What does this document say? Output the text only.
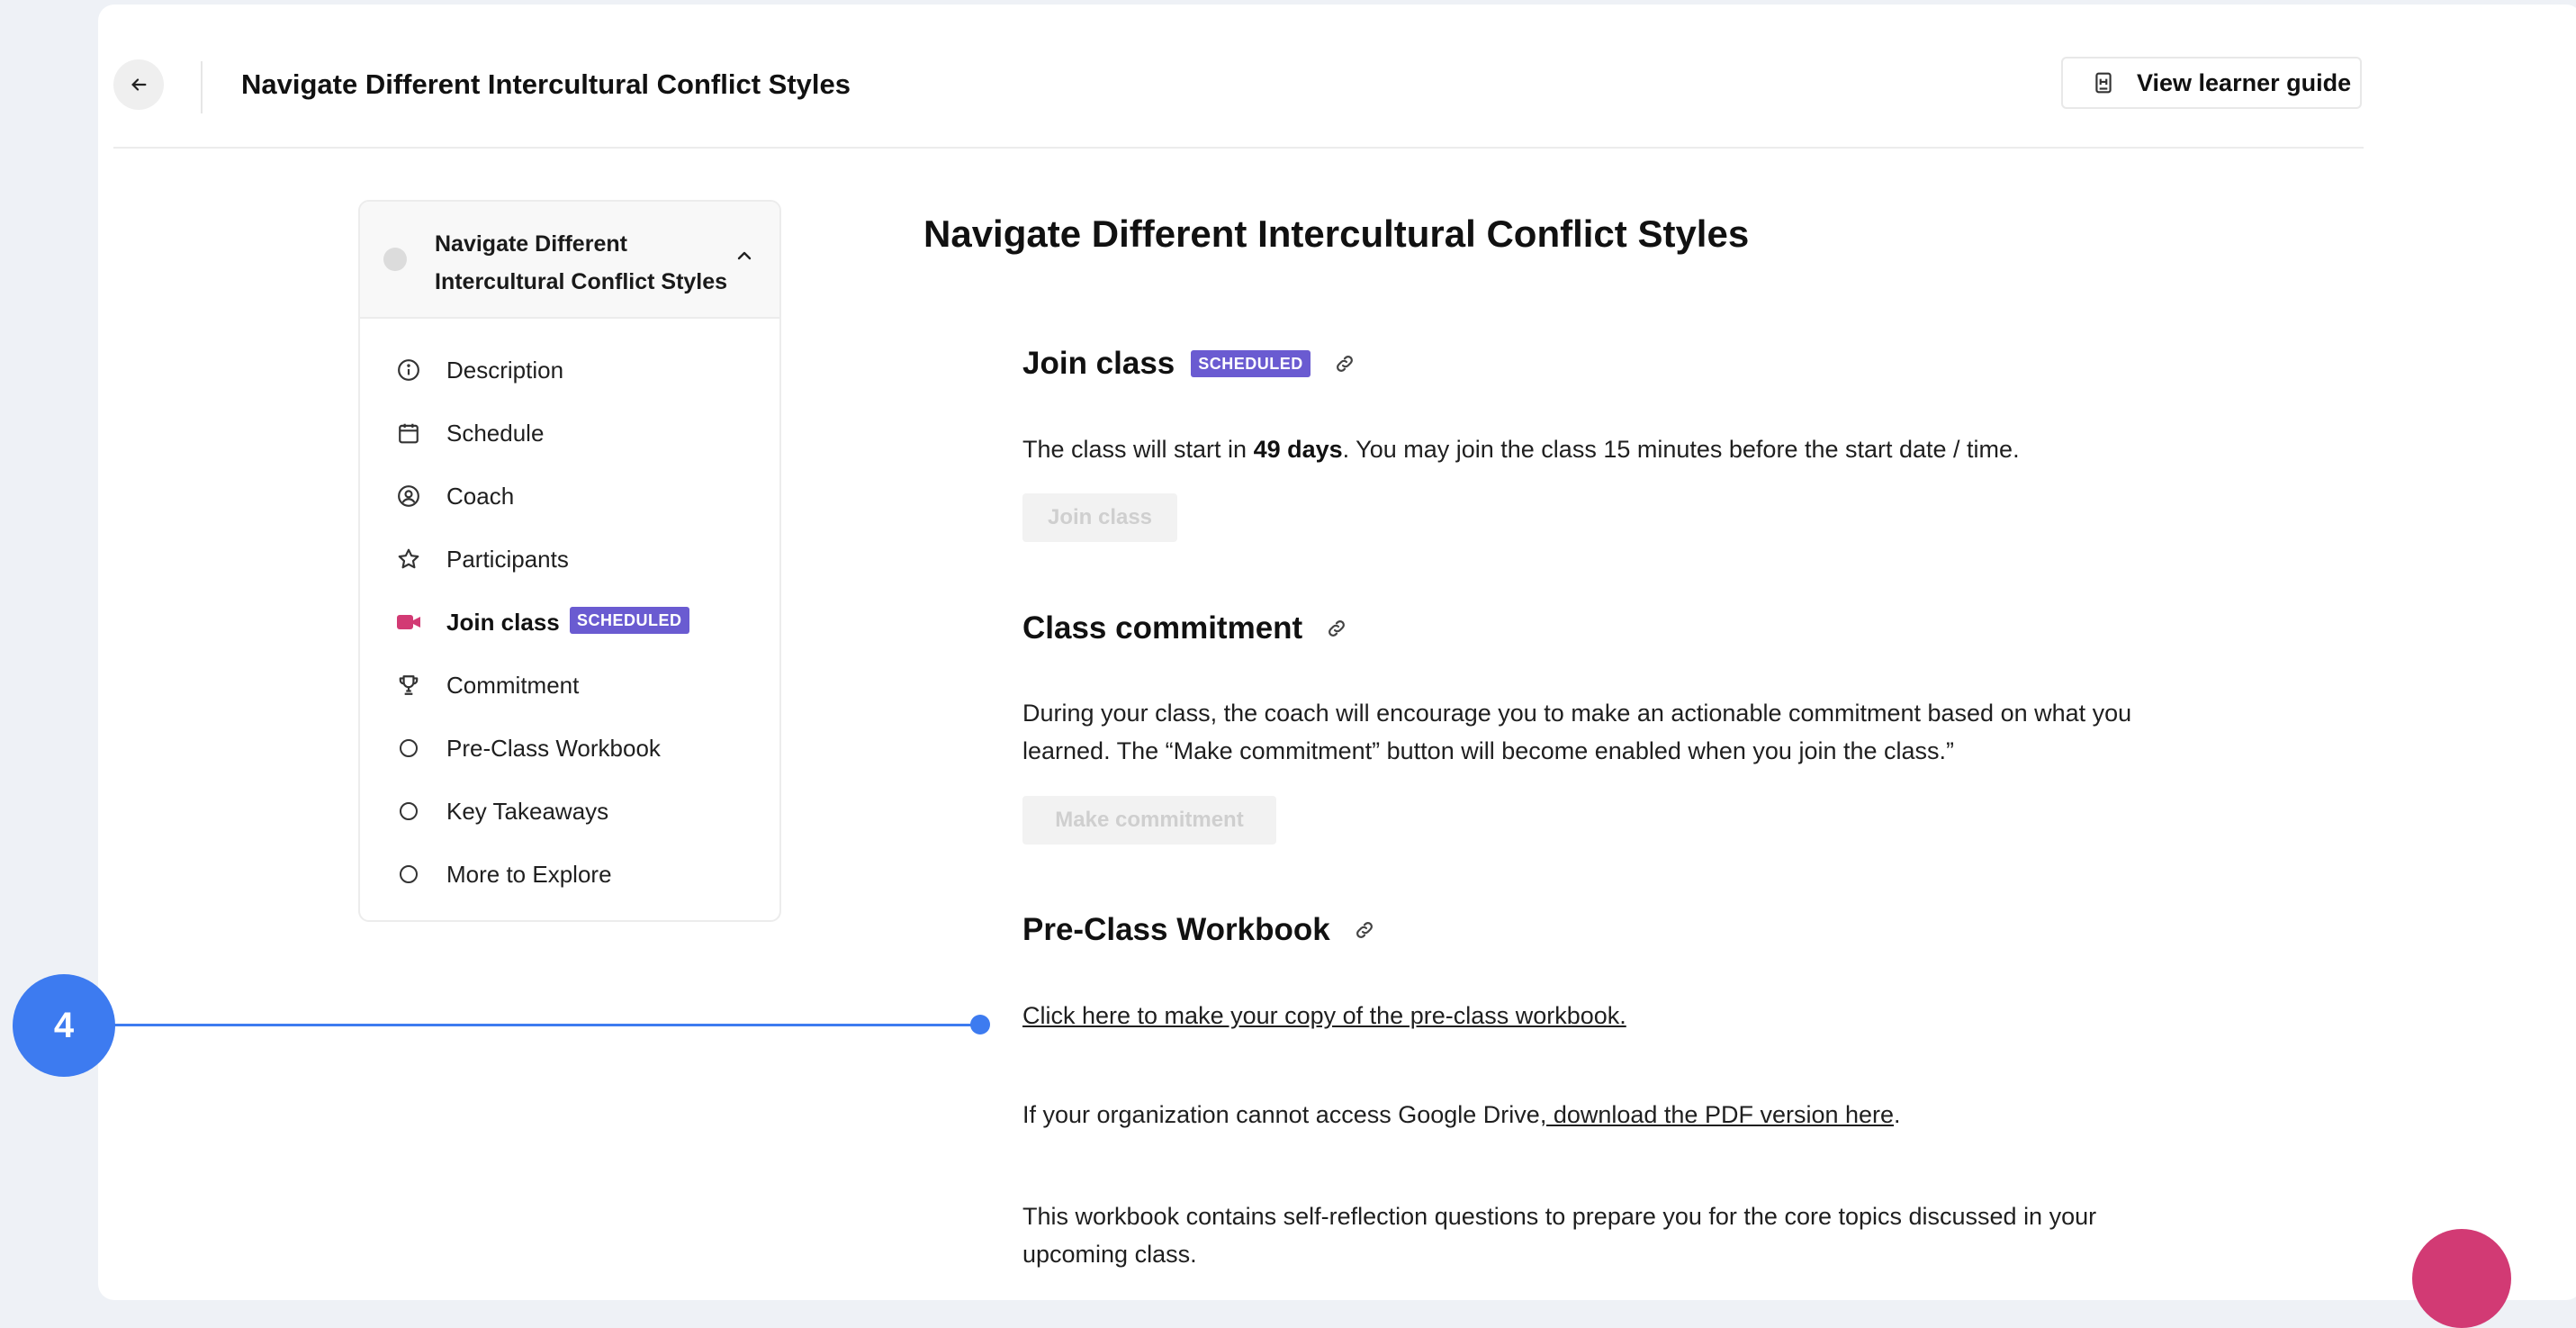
Navigate Different Intercultural Conflict Styles	View learner guide
Navigate Different Intercultural Conflict Styles
Description
Schedule
Coach
Participants
Join class	SCHEDULED
Commitment
Pre-Class Workbook
Key Takeaways
More to Explore
Navigate Different Intercultural Conflict Styles
Join class	SCHEDULED
The class will start in 49 days. You may join the class 15 minutes before the start date / time.
Join class
Class commitment
During your class, the coach will encourage you to make an actionable commitment based on what you learned. The “Make commitment” button will become enabled when you join the class.”
Make commitment
Pre-Class Workbook
Click here to make your copy of the pre-class workbook.
If your organization cannot access Google Drive, download the PDF version here.
This workbook contains self-reflection questions to prepare you for the core topics discussed in your upcoming class.
4
